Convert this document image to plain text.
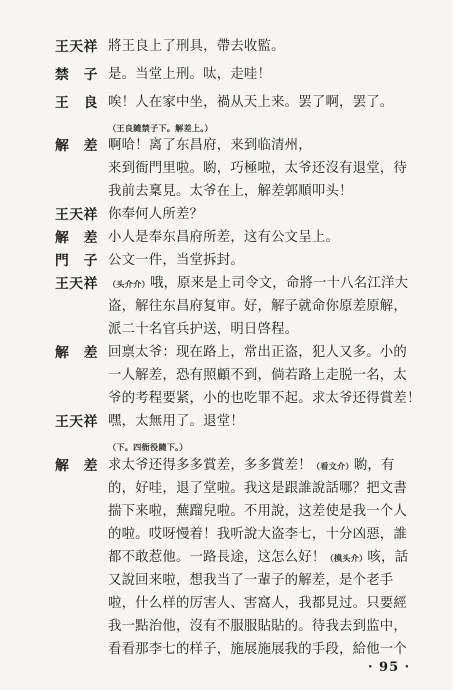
王天祥 將王良上了刑具，帶去收監。
禁　子 是。当堂上刑。呔，走哇！
王　良 唉！人在家中坐，禍从天上来。罢了啊，罢了。
（王良隨禁子下。解差上。）
解　差 啊哈！离了东昌府，来到临清州，
来到衙門里啦。喲，巧極啦，太爷还沒有退堂，待
我前去稟見。太爷在上，解差郭順叩头！
王天祥 你奉何人所差？
解　差 小人是奉东昌府所差，这有公文呈上。
門　子 公文一件，当堂拆封。
王天祥	（头介介）哦，原来是上司令文，命將一十八名江洋大
盗，解往东昌府复审。好，解子就命你原差原解，
派二十名官兵护送，明日啓程。
解　差 回禀太爷：现在路上，常出正盗，犯人又多。小的
一人解差，恐有照顧不到，倘若路上走脱一名，太
爷的考程要紧，小的也吃罪不起。求太爷还得賞差！
王天祥 嘿，太無用了。退堂！
（下。四衙役隨下。）
解　差 求太爷还得多多賞差，多多賞差！（看文介）喲，有
的，好哇，退了堂啦。我这是跟誰說話哪？把文書
揣下来啦，蕪蹓兒啦。不用說，这差使是我一个人
的啦。哎呀慢着！我听說大盗李七，十分凶惡，誰
都不敢惹他。一路長途，这怎么好！（摸头介）咳，話
又說回来啦，想我当了一輩子的解差，是个老手
啦，什么样的厉害人、害窩人，我都見过。只要經
我一點治他，沒有不服服貼貼的。待我去到监中，
看看那李七的样子，施展施展我的手段，給他一个
· 95 ·
